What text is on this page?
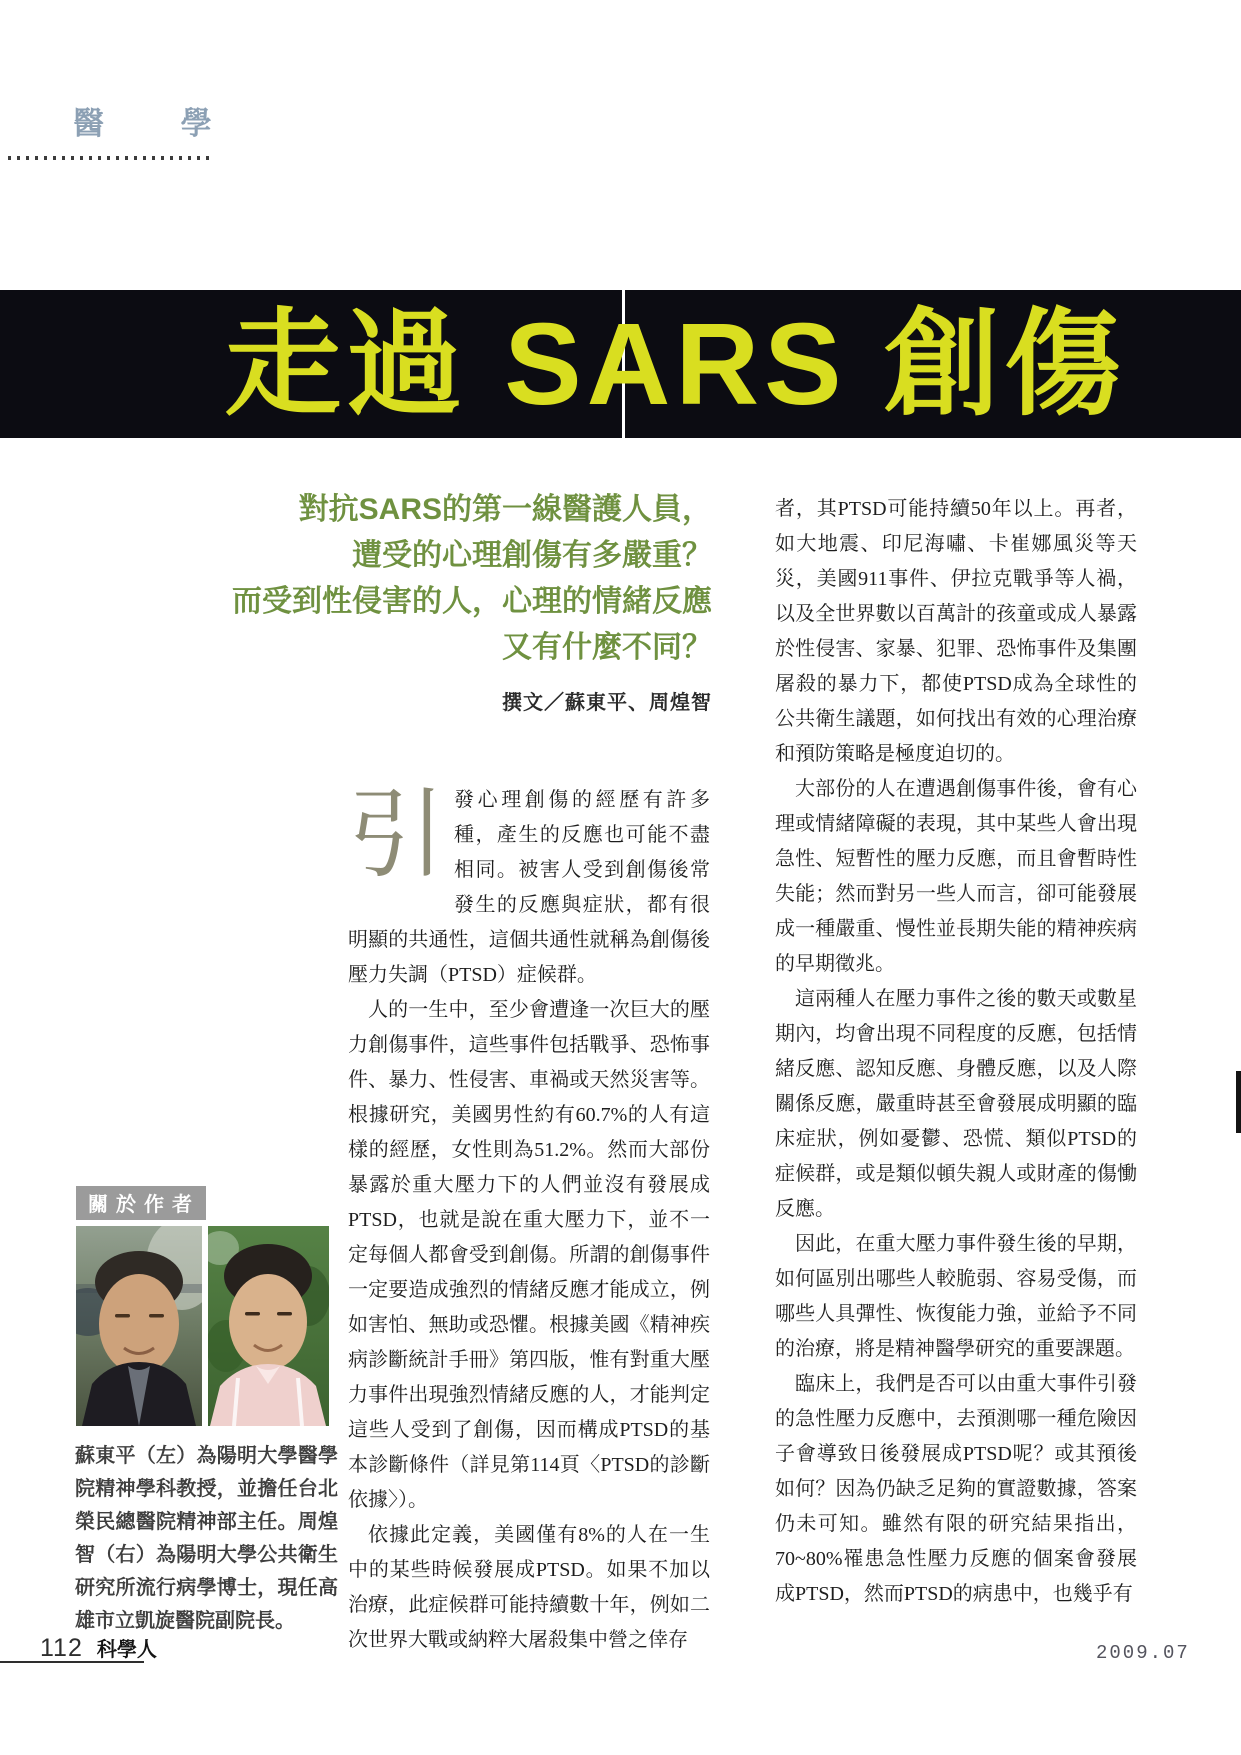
醫 學
走過 SARS 創傷
對抗SARS的第一線醫護人員，
遭受的心理創傷有多嚴重？
而受到性侵害的人，心理的情緒反應
又有什麼不同？
撰文／蘇東平、周煌智

引發心理創傷的經歷有許多種，產生的反應也可能不盡相同。被害人受到創傷後常發生的反應與症狀，都有很明顯的共通性，這個共通性就稱為創傷後壓力失調（PTSD）症候群。

人的一生中，至少會遭逢一次巨大的壓力創傷事件，這些事件包括戰爭、恐怖事件、暴力、性侵害、車禍或天然災害等。根據研究，美國男性約有60.7%的人有這樣的經歷，女性則為51.2%。然而大部份暴露於重大壓力下的人們並沒有發展成PTSD，也就是說在重大壓力下，並不一定每個人都會受到創傷。所謂的創傷事件一定要造成強烈的情緒反應才能成立，例如害怕、無助或恐懼。根據美國《精神疾病診斷統計手冊》第四版，惟有對重大壓力事件出現強烈情緒反應的人，才能判定這些人受到了創傷，因而構成PTSD的基本診斷條件（詳見第114頁〈PTSD的診斷依據〉）。

依據此定義，美國僅有8%的人在一生中的某些時候發展成PTSD。如果不加以治療，此症候群可能持續數十年，例如二次世界大戰或納粹大屠殺集中營之倖存

者，其PTSD可能持續50年以上。再者，如大地震、印尼海嘯、卡崔娜風災等天災，美國911事件、伊拉克戰爭等人禍，以及全世界數以百萬計的孩童或成人暴露於性侵害、家暴、犯罪、恐怖事件及集團屠殺的暴力下，都使PTSD成為全球性的公共衛生議題，如何找出有效的心理治療和預防策略是極度迫切的。

大部份的人在遭遇創傷事件後，會有心理或情緒障礙的表現，其中某些人會出現急性、短暫性的壓力反應，而且會暫時性失能；然而對另一些人而言，卻可能發展成一種嚴重、慢性並長期失能的精神疾病的早期徵兆。

這兩種人在壓力事件之後的數天或數星期內，均會出現不同程度的反應，包括情緒反應、認知反應、身體反應，以及人際關係反應，嚴重時甚至會發展成明顯的臨床症狀，例如憂鬱、恐慌、類似PTSD的症候群，或是類似頓失親人或財產的傷慟反應。

因此，在重大壓力事件發生後的早期，如何區別出哪些人較脆弱、容易受傷，而哪些人具彈性、恢復能力強，並給予不同的治療，將是精神醫學研究的重要課題。

臨床上，我們是否可以由重大事件引發的急性壓力反應中，去預測哪一種危險因子會導致日後發展成PTSD呢？或其預後如何？因為仍缺乏足夠的實證數據，答案仍未可知。雖然有限的研究結果指出，70~80%罹患急性壓力反應的個案會發展成PTSD，然而PTSD的病患中，也幾乎有

關於作者

蘇東平（左）為陽明大學醫學院精神學科教授，並擔任台北榮民總醫院精神部主任。周煌智（右）為陽明大學公共衛生研究所流行病學博士，現任高雄市立凱旋醫院副院長。

112 科學人	2009.07
